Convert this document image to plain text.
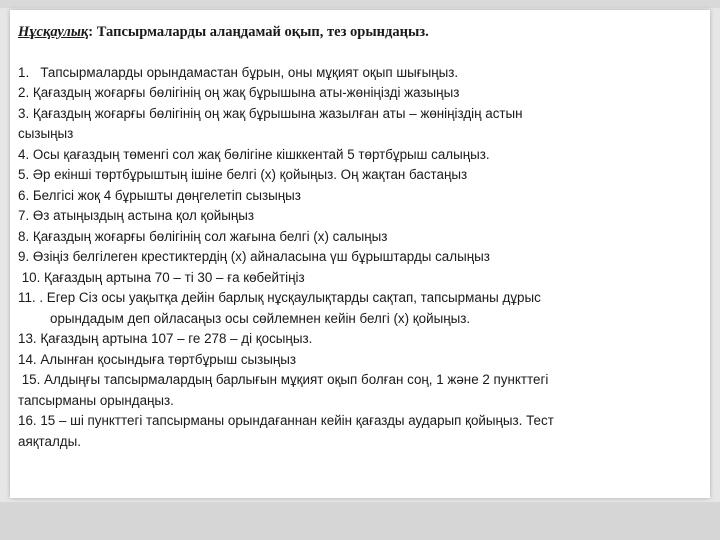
Нұсқаулық: Тапсырмаларды алаңдамай оқып, тез орындаңыз.
1.   Тапсырмаларды орындамастан бұрын, оны мұқият оқып шығыңыз.
2. Қағаздың жоғарғы бөлігінің оң жақ бұрышына аты-жөніңізді жазыңыз
3. Қағаздың жоғарғы бөлігінің оң жақ бұрышына жазылған аты – жөніңіздің астын
сызыңыз
4. Осы қағаздың төменгі сол жақ бөлігіне кішккентай 5 төртбұрыш салыңыз.
5. Әр екінші төртбұрыштың ішіне белгі (х) қойыңыз. Оң жақтан бастаңыз
6. Белгісі жоқ 4 бұрышты дөңгелетіп сызыңыз
7. Өз атыңыздың астына қол қойыңыз
8. Қағаздың жоғарғы бөлігінің сол жағына белгі (х) салыңыз
9. Өзіңіз белгілеген крестиктердің (х) айналасына үш бұрыштарды салыңыз
10. Қағаздың артына 70 – ті 30 – ға көбейтіңіз
11. . Егер Сіз осы уақытқа дейін барлық нұсқаулықтарды сақтап, тапсырманы дұрыс
орындадым деп ойласаңыз осы сөйлемнен кейін белгі (х) қойыңыз.
13. Қағаздың артына 107 – ге 278 – ді қосыңыз.
14. Алынған қосындыға төртбұрыш сызыңыз
15. Алдыңғы тапсырмалардың барлығын мұқият оқып болған соң, 1 және 2 пункттегі
тапсырманы орындаңыз.
16. 15 – ші пункттегі тапсырманы орындағаннан кейін қағазды аударып қойыңыз. Тест
аяқталды.
